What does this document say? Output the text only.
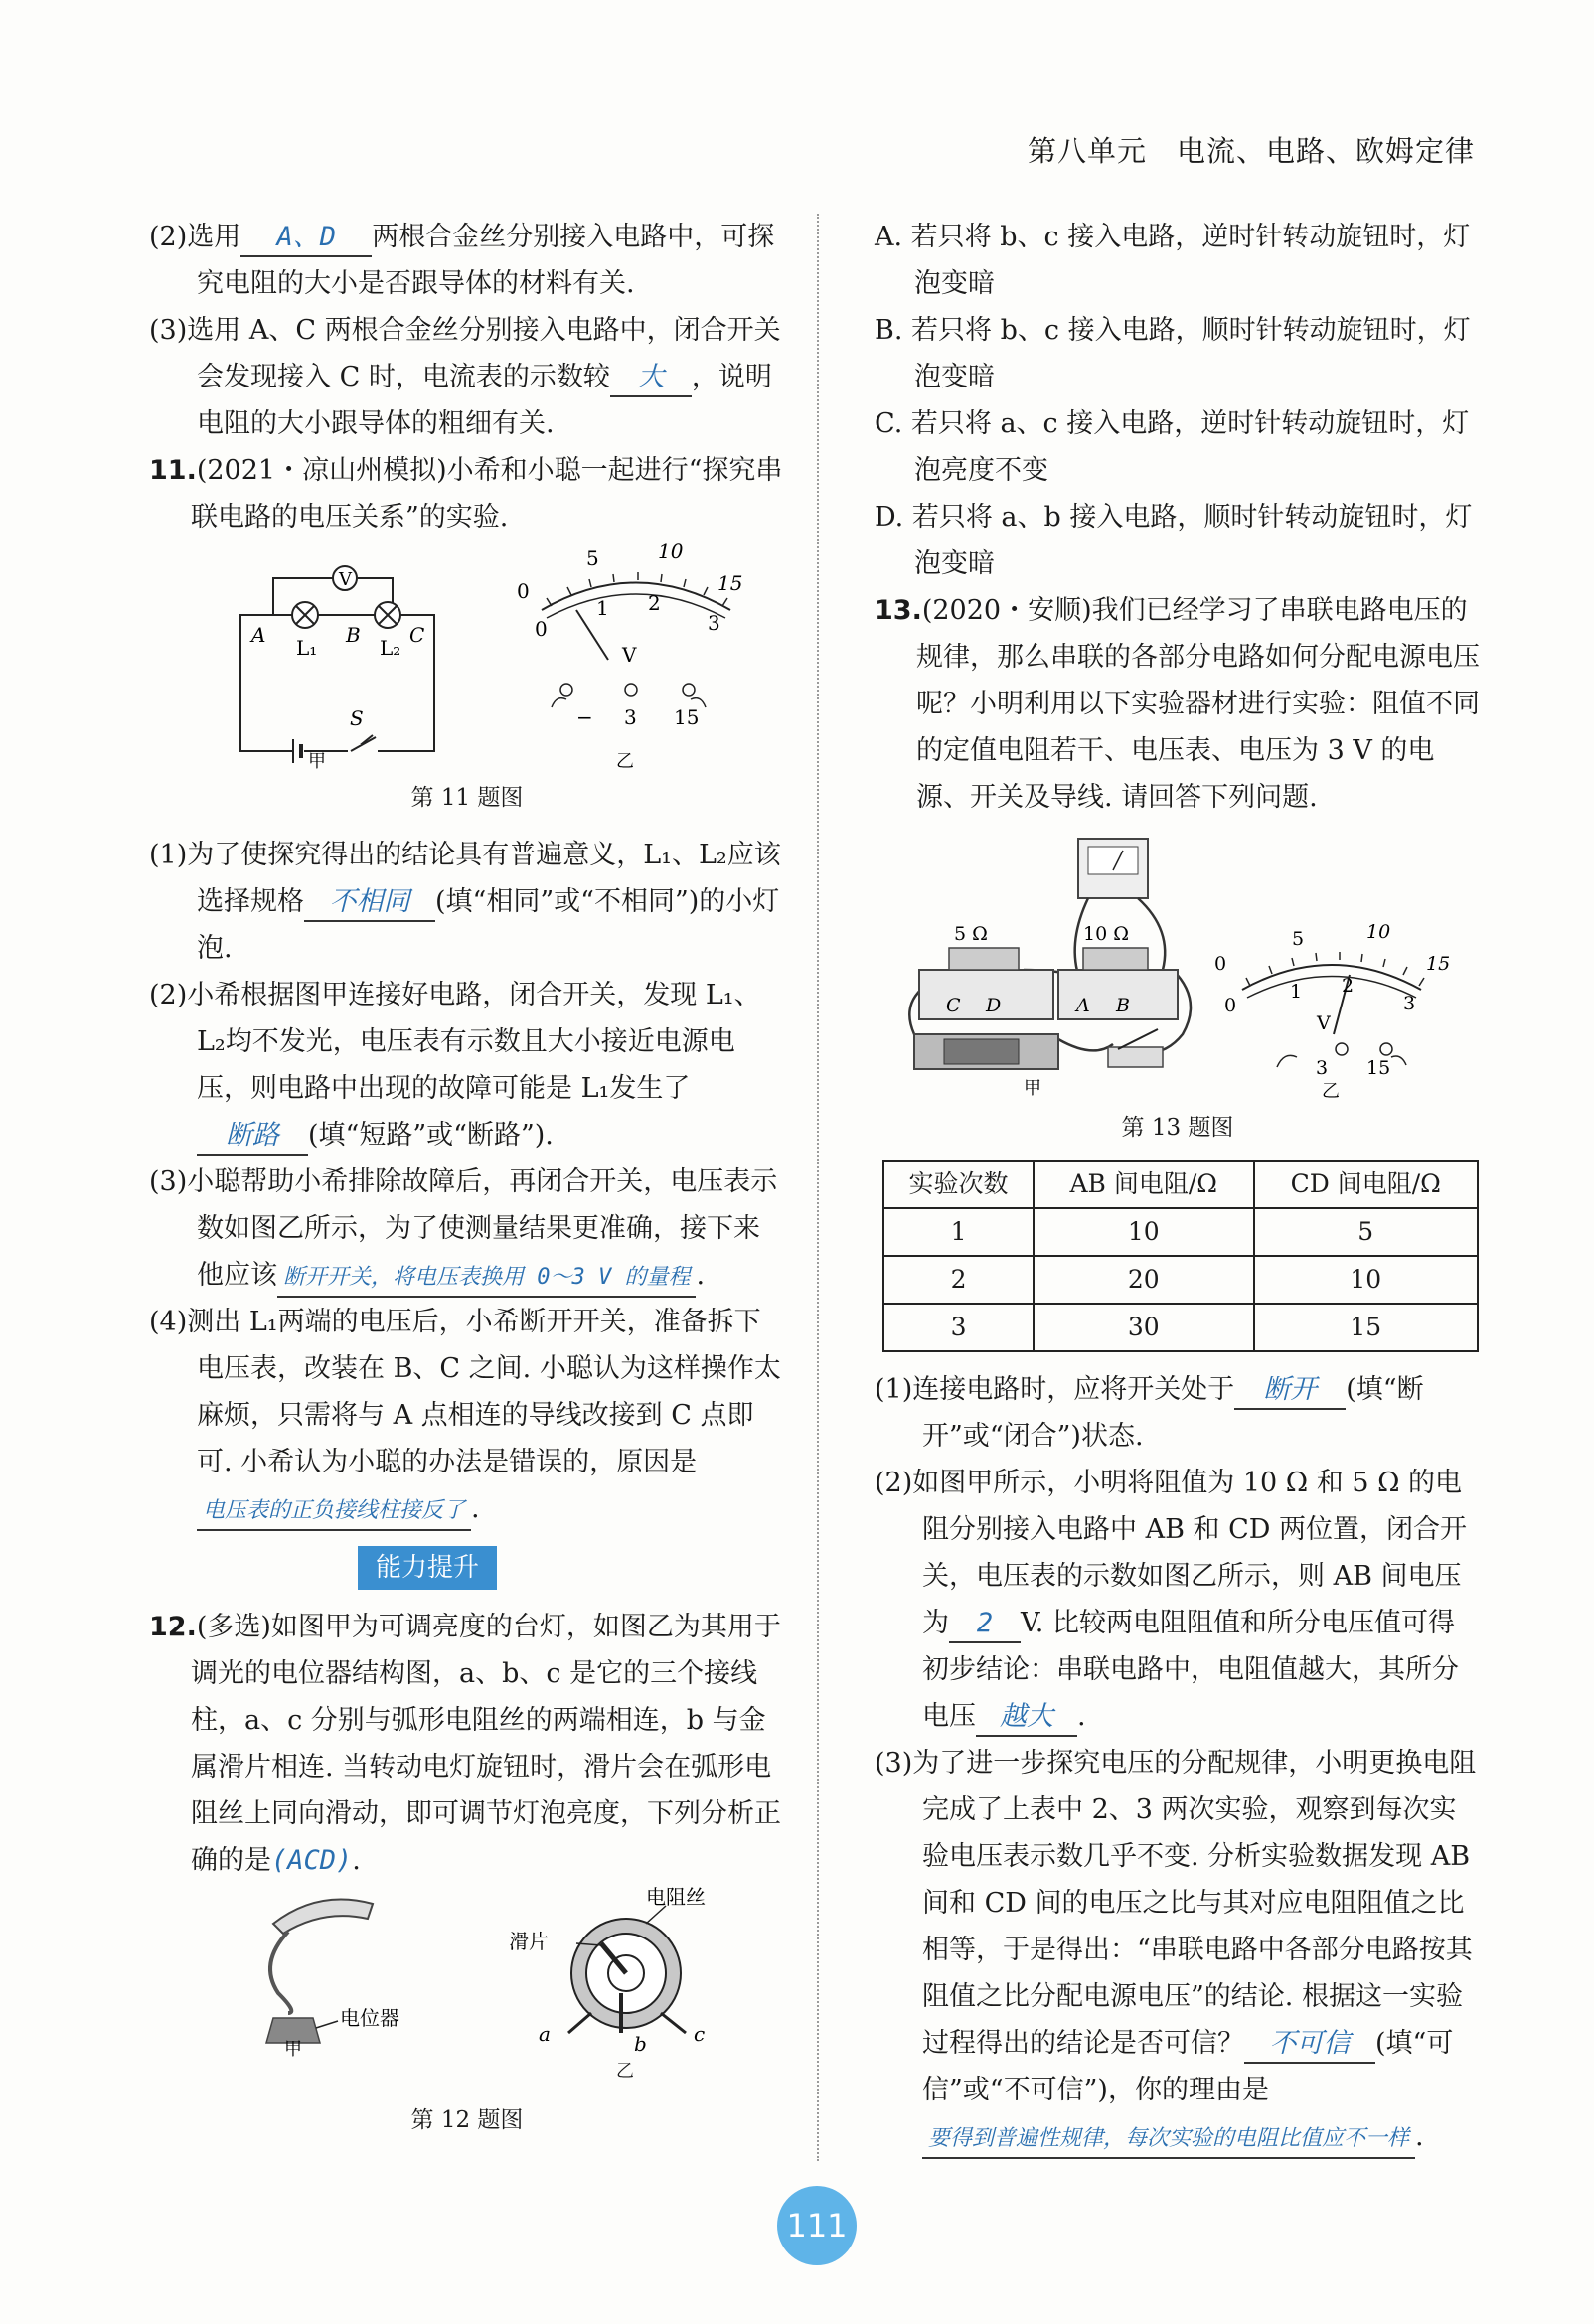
第八单元　电流、电路、欧姆定律

(2)选用 A、D 两根合金丝分别接入电路中，可探究电阻的大小是否跟导体的材料有关.

(3)选用 A、C 两根合金丝分别接入电路中，闭合开关会发现接入 C 时，电流表的示数较 大 ，说明电阻的大小跟导体的粗细有关.

11.(2021・凉山州模拟)小希和小聪一起进行“探究串联电路的电压关系”的实验.

V
A	B C
L₁	L₂
S
甲
0
5	10
15
0
1 2
3
V
− 3 15
乙
第 11 题图

(1)为了使探究得出的结论具有普遍意义，L₁、L₂应该选择规格 不相同 (填“相同”或“不相同”)的小灯泡.

(2)小希根据图甲连接好电路，闭合开关，发现 L₁、L₂均不发光，电压表有示数且大小接近电源电压，则电路中出现的故障可能是 L₁发生了断路 (填“短路”或“断路”).

(3)小聪帮助小希排除故障后，再闭合开关，电压表示数如图乙所示，为了使测量结果更准确，接下来他应该 断开开关，将电压表换用 0～3 V 的量程 .

(4)测出 L₁两端的电压后，小希断开开关，准备拆下电压表，改装在 B、C 之间. 小聪认为这样操作太麻烦，只需将与 A 点相连的导线改接到 C 点即可. 小希认为小聪的办法是错误的，原因是电压表的正负接线柱接反了 .

能力提升

12.(多选)如图甲为可调亮度的台灯，如图乙为其用于调光的电位器结构图，a、b、c 是它的三个接线柱，a、c 分别与弧形电阻丝的两端相连，b 与金属滑片相连. 当转动电灯旋钮时，滑片会在弧形电阻丝上同向滑动，即可调节灯泡亮度，下列分析正确的是(ACD).

电位器
甲
电阻丝
滑片
a	b c
乙
第 12 题图

A. 若只将 b、c 接入电路，逆时针转动旋钮时，灯泡变暗

B. 若只将 b、c 接入电路，顺时针转动旋钮时，灯泡变暗

C. 若只将 a、c 接入电路，逆时针转动旋钮时，灯泡亮度不变

D. 若只将 a、b 接入电路，顺时针转动旋钮时，灯泡变暗

13.(2020・安顺)我们已经学习了串联电路电压的规律，那么串联的各部分电路如何分配电源电压呢？小明利用以下实验器材进行实验：阻值不同的定值电阻若干、电压表、电压为 3 V 的电源、开关及导线. 请回答下列问题.

5 Ω	10 Ω
C D	A B
甲
0
5	10
15
0
1 2
3
V
3 15
乙
第 13 题图
实验次数	AB 间电阻/Ω	CD 间电阻/Ω
1	10	5
2	20	10
3	30	15

(1)连接电路时，应将开关处于 断开 (填“断开”或“闭合”)状态.

(2)如图甲所示，小明将阻值为 10 Ω 和 5 Ω 的电阻分别接入电路中 AB 和 CD 两位置，闭合开关，电压表的示数如图乙所示，则 AB 间电压为 2 V. 比较两电阻阻值和所分电压值可得初步结论：串联电路中，电阻值越大，其所分电压 越大 .

(3)为了进一步探究电压的分配规律，小明更换电阻完成了上表中 2、3 两次实验，观察到每次实验电压表示数几乎不变. 分析实验数据发现 AB 间和 CD 间的电压之比与其对应电阻阻值之比相等，于是得出：“串联电路中各部分电路按其阻值之比分配电源电压”的结论. 根据这一实验过程得出的结论是否可信？ 不可信 (填“可信”或“不可信”)，你的理由是要得到普遍性规律，每次实验的电阻比值应不一样 .

111
